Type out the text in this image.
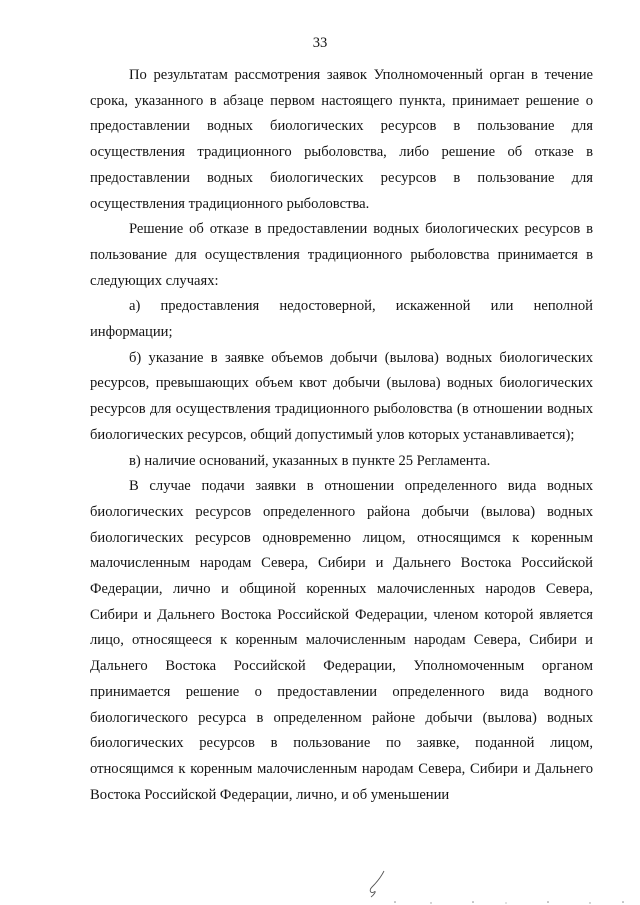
33

По результатам рассмотрения заявок Уполномоченный орган в течение срока, указанного в абзаце первом настоящего пункта, принимает решение о предоставлении водных биологических ресурсов в пользование для осуществления традиционного рыболовства, либо решение об отказе в предоставлении водных биологических ресурсов в пользование для осуществления традиционного рыболовства.

Решение об отказе в предоставлении водных биологических ресурсов в пользование для осуществления традиционного рыболовства принимается в следующих случаях:

а) предоставления недостоверной, искаженной или неполной информации;

б) указание в заявке объемов добычи (вылова) водных биологических ресурсов, превышающих объем квот добычи (вылова) водных биологических ресурсов для осуществления традиционного рыболовства (в отношении водных биологических ресурсов, общий допустимый улов которых устанавливается);

в) наличие оснований, указанных в пункте 25 Регламента.

В случае подачи заявки в отношении определенного вида водных биологических ресурсов определенного района добычи (вылова) водных биологических ресурсов одновременно лицом, относящимся к коренным малочисленным народам Севера, Сибири и Дальнего Востока Российской Федерации, лично и общиной коренных малочисленных народов Севера, Сибири и Дальнего Востока Российской Федерации, членом которой является лицо, относящееся к коренным малочисленным народам Севера, Сибири и Дальнего Востока Российской Федерации, Уполномоченным органом принимается решение о предоставлении определенного вида водного биологического ресурса в определенном районе добычи (вылова) водных биологических ресурсов в пользование по заявке, поданной лицом, относящимся к коренным малочисленным народам Севера, Сибири и Дальнего Востока Российской Федерации, лично, и об уменьшении
